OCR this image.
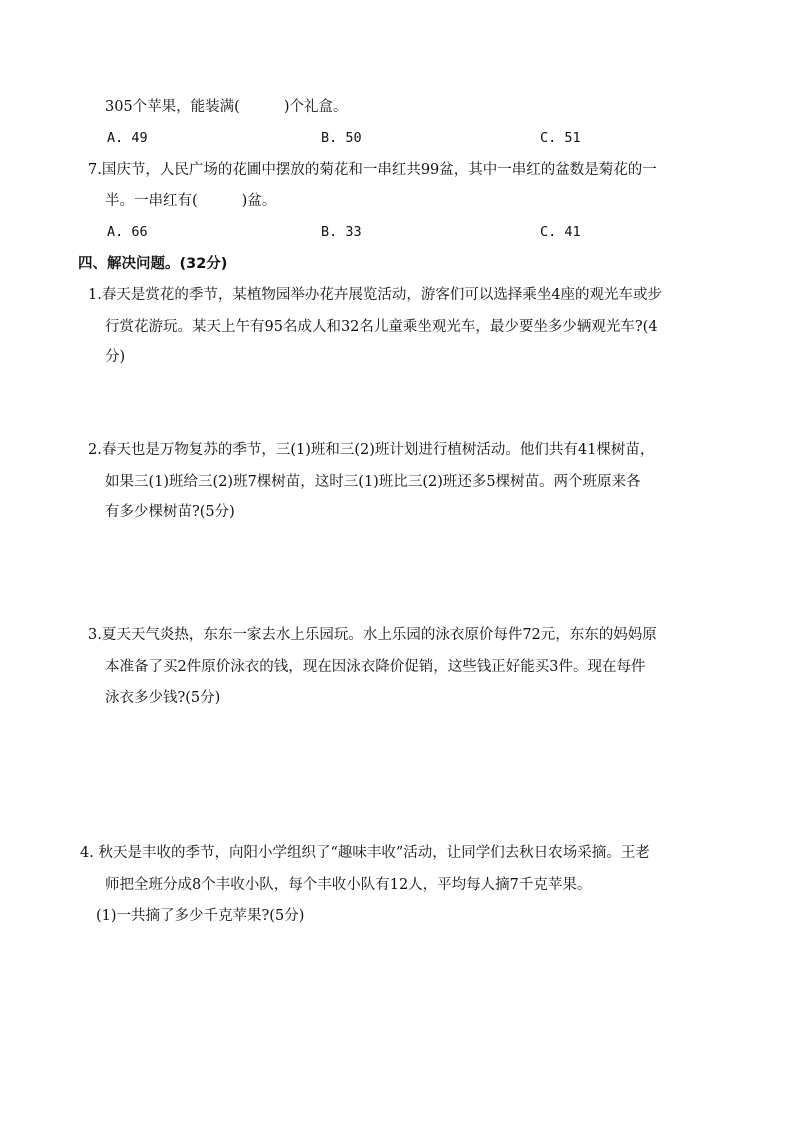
305个苹果，能装满(	)个礼盒。
A. 49	B. 50	C. 51
7.国庆节，人民广场的花圃中摆放的菊花和一串红共99盆，其中一串红的盆数是菊花的一
半。一串红有(	)盆。
A. 66	B. 33	C. 41
四、解决问题。(32分)
1.春天是赏花的季节，某植物园举办花卉展览活动，游客们可以选择乘坐4座的观光车或步
行赏花游玩。某天上午有95名成人和32名儿童乘坐观光车，最少要坐多少辆观光车?(4
分)
2.春天也是万物复苏的季节，三(1)班和三(2)班计划进行植树活动。他们共有41棵树苗，
如果三(1)班给三(2)班7棵树苗，这时三(1)班比三(2)班还多5棵树苗。两个班原来各
有多少棵树苗?(5分)
3.夏天天气炎热，东东一家去水上乐园玩。水上乐园的泳衣原价每件72元，东东的妈妈原
本准备了买2件原价泳衣的钱，现在因泳衣降价促销，这些钱正好能买3件。现在每件
泳衣多少钱?(5分)
4. 秋天是丰收的季节，向阳小学组织了“趣味丰收”活动，让同学们去秋日农场采摘。王老
师把全班分成8个丰收小队，每个丰收小队有12人，平均每人摘7千克苹果。
(1)一共摘了多少千克苹果?(5分)
